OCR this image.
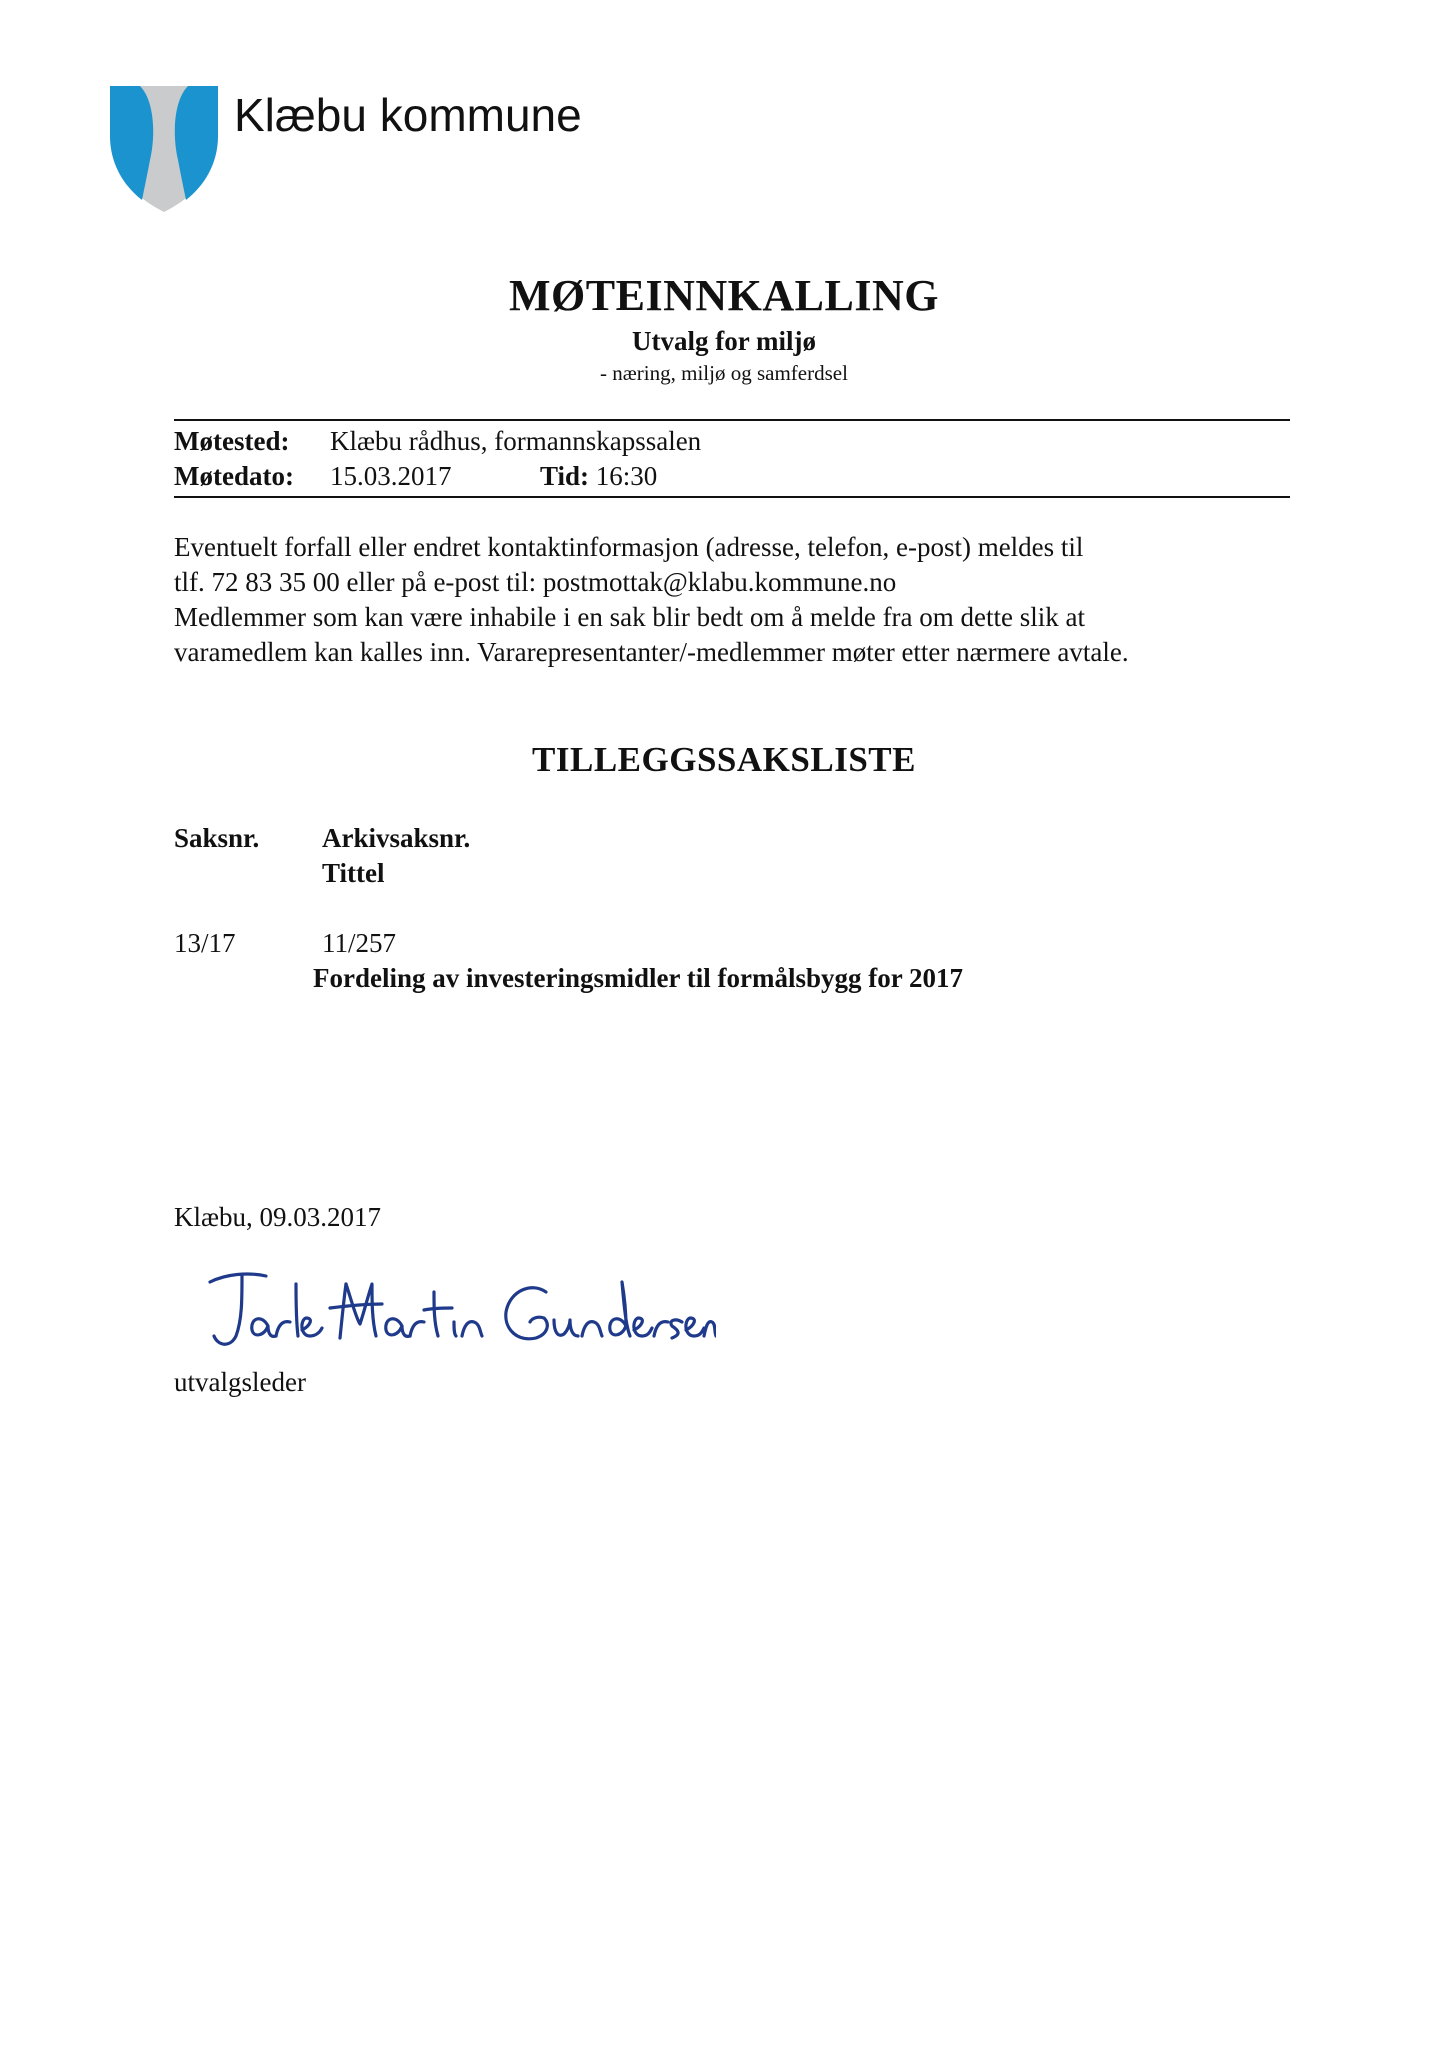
Klæbu kommune
MØTEINNKALLING
Utvalg for miljø
- næring, miljø og samferdsel
Møtested: Klæbu rådhus, formannskapssalen
Møtedato: 15.03.2017	Tid: 16:30

Eventuelt forfall eller endret kontaktinformasjon (adresse, telefon, e-post) meldes til

tlf. 72 83 35 00 eller på e-post til: postmottak@klabu.kommune.no

Medlemmer som kan være inhabile i en sak blir bedt om å melde fra om dette slik at

varamedlem kan kalles inn. Vararepresentanter/-medlemmer møter etter nærmere avtale.

TILLEGGSSAKSLISTE
Saksnr. Arkivsaksnr.
Tittel
13/17	11/257
Fordeling av investeringsmidler til formålsbygg for 2017
Klæbu, 09.03.2017
utvalgsleder
